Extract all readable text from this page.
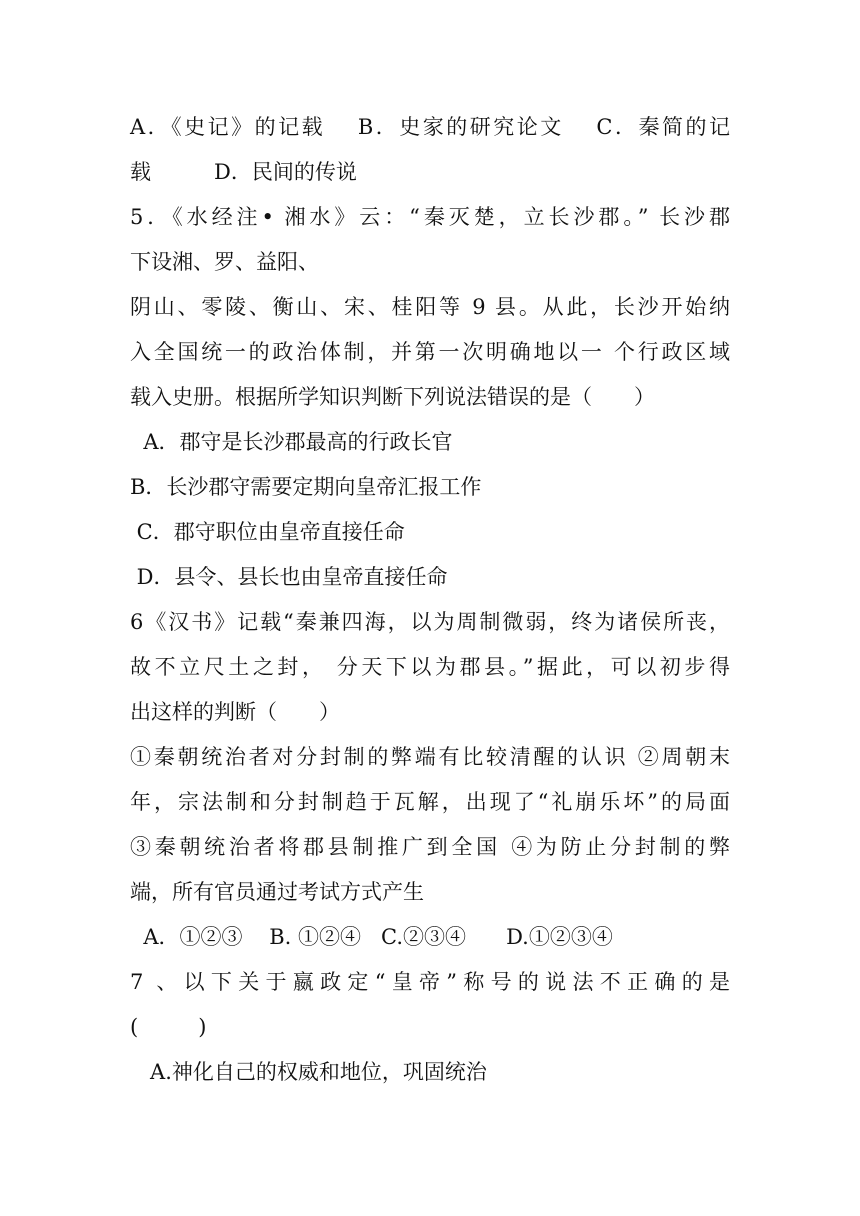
A．《史记》的记载　 B．史家的研究论文　 C．秦简的记
载　　　D．民间的传说
5．《水经注• 湘水》云：“秦灭楚，立长沙郡。” 长沙郡
下设湘、罗、益阳、
阴山、零陵、衡山、宋、桂阳等 9 县。从此，长沙开始纳
入全国统一的政治体制，并第一次明确地以一 个行政区域
载入史册。根据所学知识判断下列说法错误的是（　　）
A．郡守是长沙郡最高的行政长官
B．长沙郡守需要定期向皇帝汇报工作
C．郡守职位由皇帝直接任命
D．县令、县长也由皇帝直接任命
6《汉书》记载“秦兼四海，以为周制微弱，终为诸侯所丧，
故不立尺土之封， 分天下以为郡县。”据此，可以初步得
出这样的判断（　　）
①秦朝统治者对分封制的弊端有比较清醒的认识 ②周朝末
年，宗法制和分封制趋于瓦解，出现了“礼崩乐坏”的局面
③秦朝统治者将郡县制推广到全国 ④为防止分封制的弊
端，所有官员通过考试方式产生
A．①②③    B. ①②④   C.②③④      D.①②③④
7 、以下关于嬴政定“皇帝”称号的说法不正确的是
(         )
A.神化自己的权威和地位，巩固统治
